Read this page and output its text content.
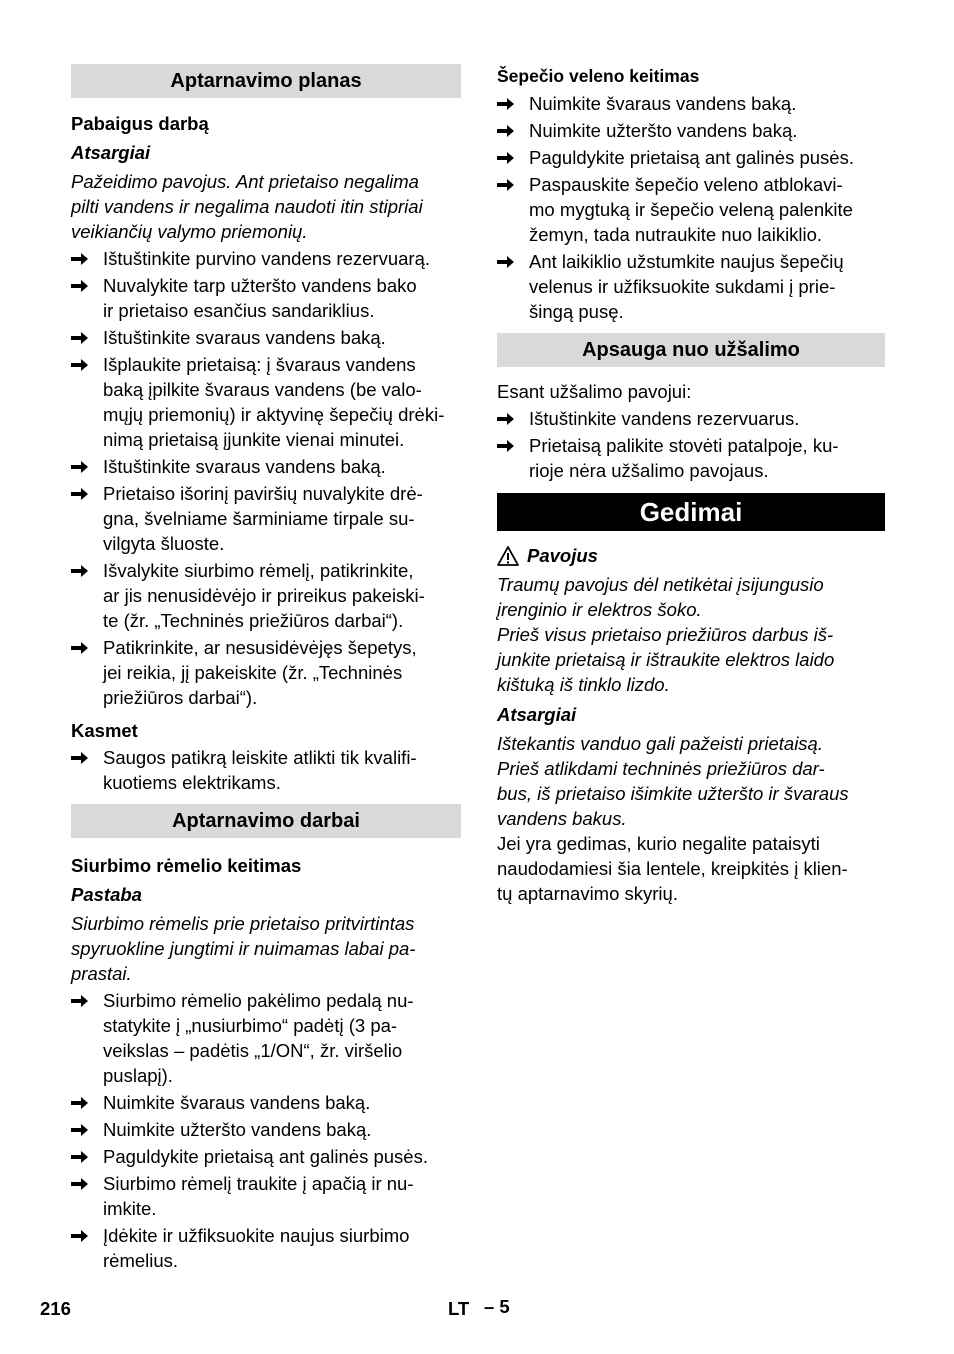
Aptarnavimo planas
Pabaigus darbą
Atsargiai
Pažeidimo pavojus. Ant prietaiso negalima
pilti vandens ir negalima naudoti itin stipriai
veikiančių valymo priemonių.
Ištuštinkite purvino vandens rezervuarą.
Nuvalykite tarp užteršto vandens bako
ir prietaiso esančius sandariklius.
Ištuštinkite svaraus vandens baką.
Išplaukite prietaisą: į švaraus vandens
baką įpilkite švaraus vandens (be valo-
mųjų priemonių) ir aktyvinę šepečių drėki-
nimą prietaisą įjunkite vienai minutei.
Ištuštinkite svaraus vandens baką.
Prietaiso išorinį paviršių nuvalykite drė-
gna, švelniame šarminiame tirpale su-
vilgyta šluoste.
Išvalykite siurbimo rėmelį, patikrinkite,
ar jis nenusidėvėjo ir prireikus pakeiski-
te (žr. „Techninės priežiūros darbai“).
Patikrinkite, ar nesusidėvėjęs šepetys,
jei reikia, jį pakeiskite (žr. „Techninės
priežiūros darbai“).
Kasmet
Saugos patikrą leiskite atlikti tik kvalifi-
kuotiems elektrikams.
Aptarnavimo darbai
Siurbimo rėmelio keitimas
Pastaba
Siurbimo rėmelis prie prietaiso pritvirtintas
spyruokline jungtimi ir nuimamas labai pa-
prastai.
Siurbimo rėmelio pakėlimo pedalą nu-
statykite į „nusiurbimo“ padėtį (3 pa-
veikslas – padėtis „1/ON“, žr. viršelio
puslapį).
Nuimkite švaraus vandens baką.
Nuimkite užteršto vandens baką.
Paguldykite prietaisą ant galinės pusės.
Siurbimo rėmelį traukite į apačią ir nu-
imkite.
Įdėkite ir užfiksuokite naujus siurbimo
rėmelius.
Šepečio veleno keitimas
Nuimkite švaraus vandens baką.
Nuimkite užteršto vandens baką.
Paguldykite prietaisą ant galinės pusės.
Paspauskite šepečio veleno atblokavi-
mo mygtuką ir šepečio veleną palenkite
žemyn, tada nutraukite nuo laikiklio.
Ant laikiklio užstumkite naujus šepečių
velenus ir užfiksuokite sukdami į prie-
šingą pusę.
Apsauga nuo užšalimo
Esant užšalimo pavojui:
Ištuštinkite vandens rezervuarus.
Prietaisą palikite stovėti patalpoje, ku-
rioje nėra užšalimo pavojaus.
Gedimai
Pavojus
Traumų pavojus dėl netikėtai įsijungusio
įrenginio ir elektros šoko.
Prieš visus prietaiso priežiūros darbus iš-
junkite prietaisą ir ištraukite elektros laido
kištuką iš tinklo lizdo.
Atsargiai
Ištekantis vanduo gali pažeisti prietaisą.
Prieš atlikdami techninės priežiūros dar-
bus, iš prietaiso išimkite užteršto ir švaraus
vandens bakus.
Jei yra gedimas, kurio negalite pataisyti
naudodamiesi šia lentele, kreipkitės į klien-
tų aptarnavimo skyrių.
216	LT – 5
